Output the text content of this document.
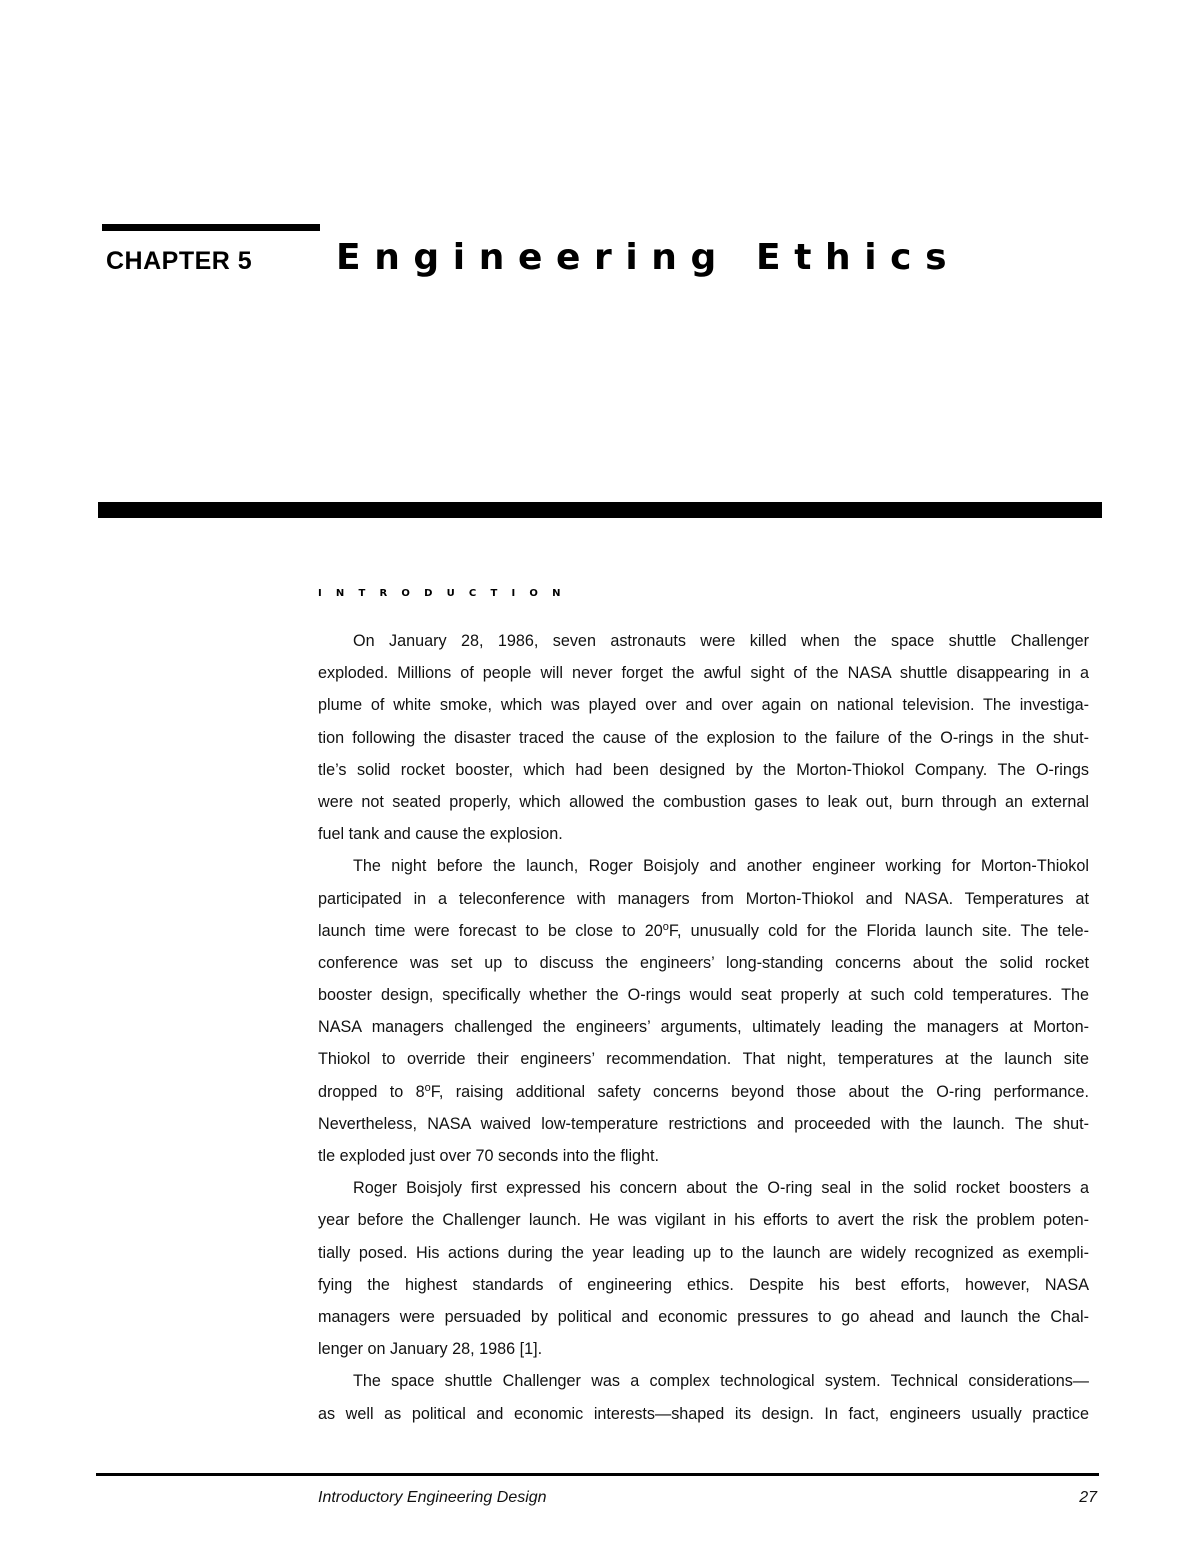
CHAPTER 5 Engineering Ethics
INTRODUCTION
On January 28, 1986, seven astronauts were killed when the space shuttle Challenger
exploded. Millions of people will never forget the awful sight of the NASA shuttle disappearing in a
plume of white smoke, which was played over and over again on national television. The investiga-
tion following the disaster traced the cause of the explosion to the failure of the O-rings in the shut-
tle’s solid rocket booster, which had been designed by the Morton-Thiokol Company. The O-rings
were not seated properly, which allowed the combustion gases to leak out, burn through an external
fuel tank and cause the explosion.
The night before the launch, Roger Boisjoly and another engineer working for Morton-Thiokol
participated in a teleconference with managers from Morton-Thiokol and NASA. Temperatures at
launch time were forecast to be close to 20$^o$F, unusually cold for the Florida launch site. The tele-
conference was set up to discuss the engineers’ long-standing concerns about the solid rocket
booster design, specifically whether the O-rings would seat properly at such cold temperatures. The
NASA managers challenged the engineers’ arguments, ultimately leading the managers at Morton-
Thiokol to override their engineers’ recommendation. That night, temperatures at the launch site
dropped to 8$^o$F, raising additional safety concerns beyond those about the O-ring performance.
Nevertheless, NASA waived low-temperature restrictions and proceeded with the launch. The shut-
tle exploded just over 70 seconds into the flight.
Roger Boisjoly first expressed his concern about the O-ring seal in the solid rocket boosters a
year before the Challenger launch. He was vigilant in his efforts to avert the risk the problem poten-
tially posed. His actions during the year leading up to the launch are widely recognized as exempli-
fying the highest standards of engineering ethics. Despite his best efforts, however, NASA
managers were persuaded by political and economic pressures to go ahead and launch the Chal-
lenger on January 28, 1986 [1].
The space shuttle Challenger was a complex technological system. Technical considerations—
as well as political and economic interests—shaped its design. In fact, engineers usually practice
Introductory Engineering Design	27
